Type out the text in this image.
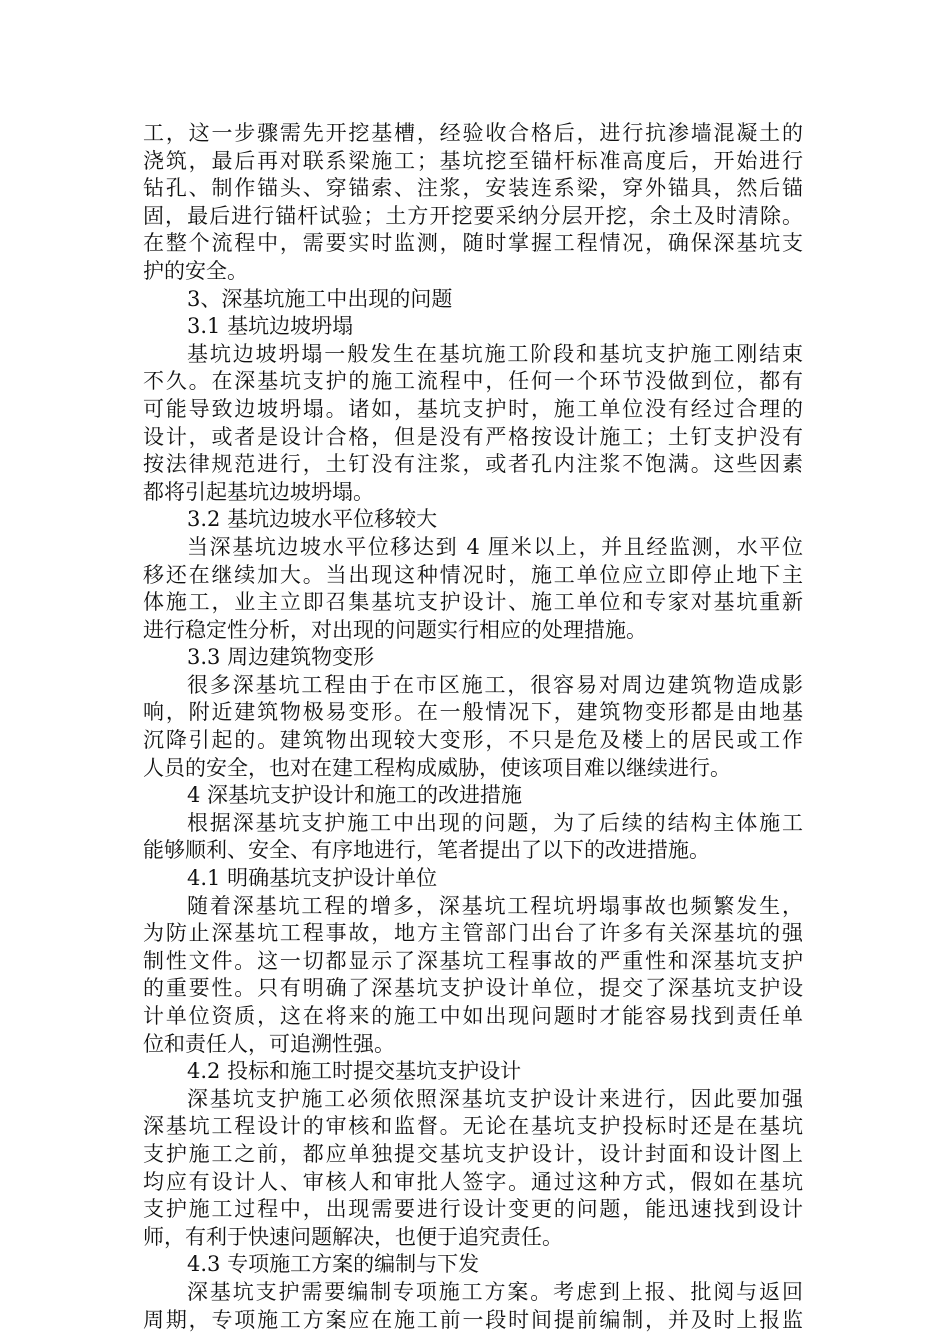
工，这一步骤需先开挖基槽，经验收合格后，进行抗渗墙混凝土的
浇筑，最后再对联系梁施工；基坑挖至锚杆标准高度后，开始进行
钻孔、制作锚头、穿锚索、注浆，安装连系梁，穿外锚具，然后锚
固，最后进行锚杆试验；土方开挖要采纳分层开挖，余土及时清除。
在整个流程中，需要实时监测，随时掌握工程情况，确保深基坑支
护的安全。
3、深基坑施工中出现的问题
3.1 基坑边坡坍塌
基坑边坡坍塌一般发生在基坑施工阶段和基坑支护施工刚结束
不久。在深基坑支护的施工流程中，任何一个环节没做到位，都有
可能导致边坡坍塌。诸如，基坑支护时，施工单位没有经过合理的
设计，或者是设计合格，但是没有严格按设计施工；土钉支护没有
按法律规范进行，土钉没有注浆，或者孔内注浆不饱满。这些因素
都将引起基坑边坡坍塌。
3.2 基坑边坡水平位移较大
当深基坑边坡水平位移达到 4 厘米以上，并且经监测，水平位
移还在继续加大。当出现这种情况时，施工单位应立即停止地下主
体施工，业主立即召集基坑支护设计、施工单位和专家对基坑重新
进行稳定性分析，对出现的问题实行相应的处理措施。
3.3 周边建筑物变形
很多深基坑工程由于在市区施工，很容易对周边建筑物造成影
响，附近建筑物极易变形。在一般情况下，建筑物变形都是由地基
沉降引起的。建筑物出现较大变形，不只是危及楼上的居民或工作
人员的安全，也对在建工程构成威胁，使该项目难以继续进行。
4 深基坑支护设计和施工的改进措施
根据深基坑支护施工中出现的问题，为了后续的结构主体施工
能够顺利、安全、有序地进行，笔者提出了以下的改进措施。
4.1 明确基坑支护设计单位
随着深基坑工程的增多，深基坑工程坑坍塌事故也频繁发生，
为防止深基坑工程事故，地方主管部门出台了许多有关深基坑的强
制性文件。这一切都显示了深基坑工程事故的严重性和深基坑支护
的重要性。只有明确了深基坑支护设计单位，提交了深基坑支护设
计单位资质，这在将来的施工中如出现问题时才能容易找到责任单
位和责任人，可追溯性强。
4.2 投标和施工时提交基坑支护设计
深基坑支护施工必须依照深基坑支护设计来进行，因此要加强
深基坑工程设计的审核和监督。无论在基坑支护投标时还是在基坑
支护施工之前，都应单独提交基坑支护设计，设计封面和设计图上
均应有设计人、审核人和审批人签字。通过这种方式，假如在基坑
支护施工过程中，出现需要进行设计变更的问题，能迅速找到设计
师，有利于快速问题解决，也便于追究责任。
4.3 专项施工方案的编制与下发
深基坑支护需要编制专项施工方案。考虑到上报、批阅与返回
周期，专项施工方案应在施工前一段时间提前编制，并及时上报监
